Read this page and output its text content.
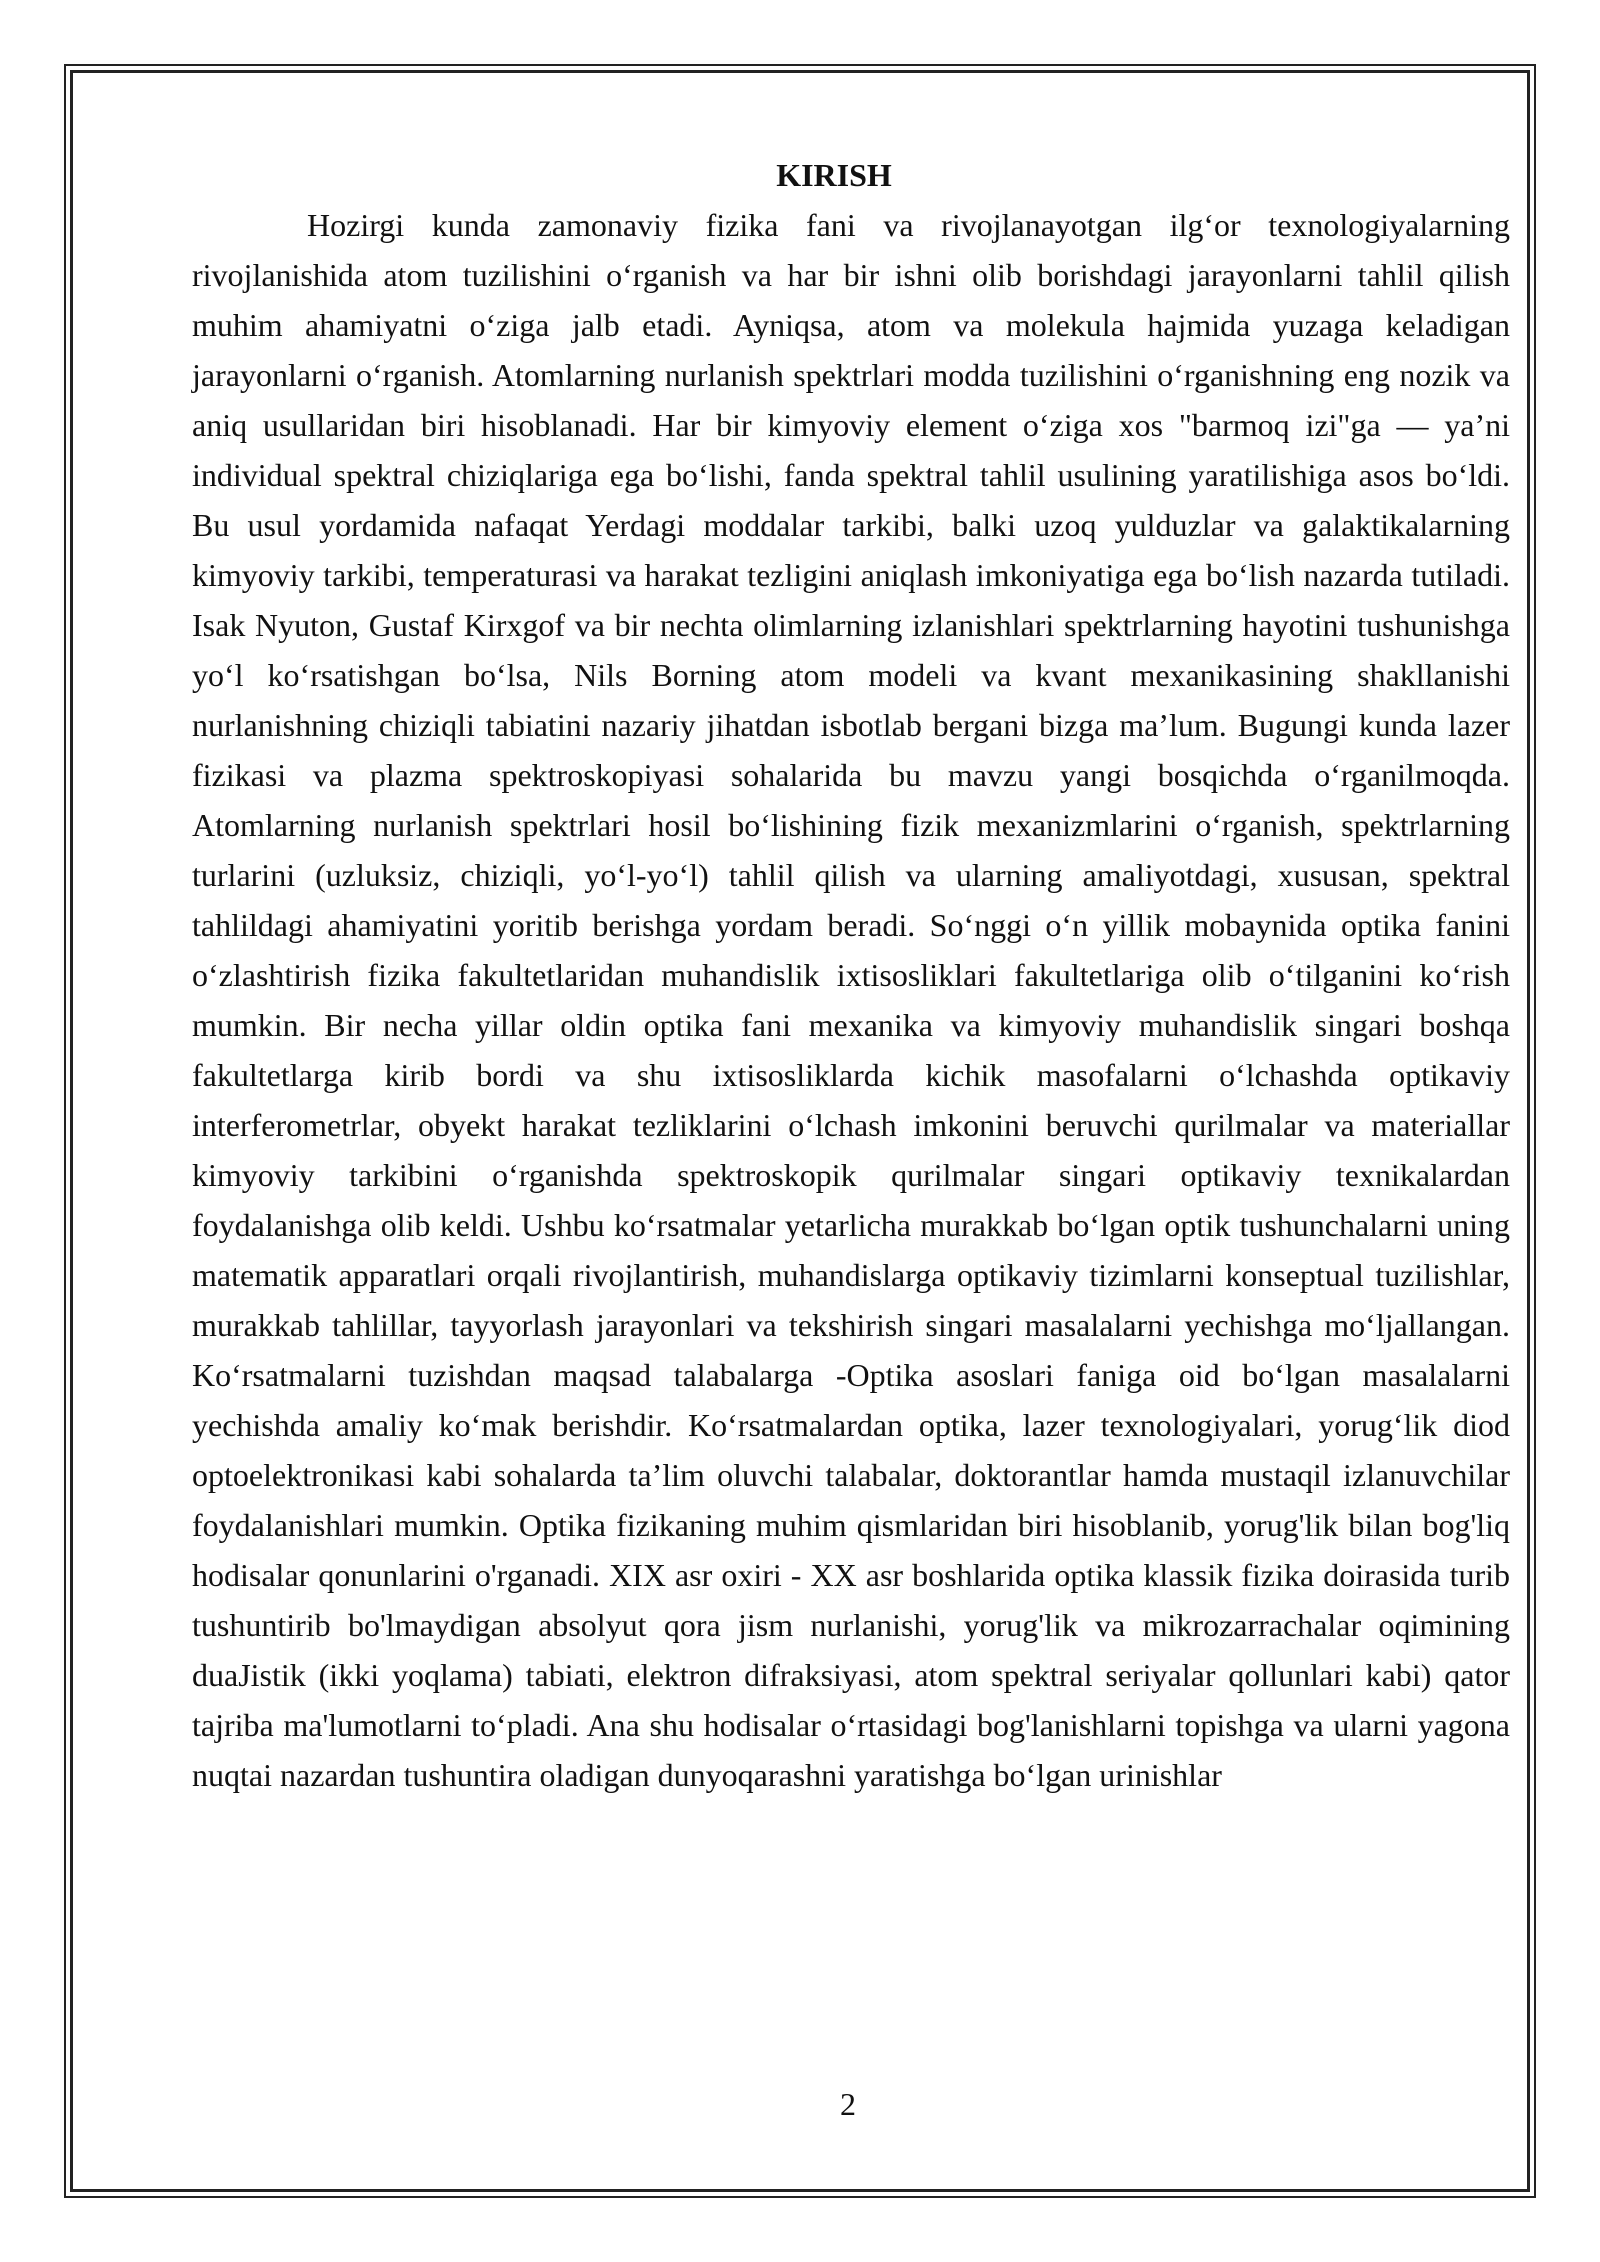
KIRISH

Hozirgi kunda zamonaviy fizika fani va rivojlanayotgan ilg‘or texnologiyalarning rivojlanishida atom tuzilishini o‘rganish va har bir ishni olib borishdagi jarayonlarni tahlil qilish muhim ahamiyatni o‘ziga jalb etadi. Ayniqsa, atom va molekula hajmida yuzaga keladigan jarayonlarni o‘rganish. Atomlarning nurlanish spektrlari modda tuzilishini o‘rganishning eng nozik va aniq usullaridan biri hisoblanadi. Har bir kimyoviy element o‘ziga xos "barmoq izi"ga — ya’ni individual spektral chiziqlariga ega bo‘lishi, fanda spektral tahlil usulining yaratilishiga asos bo‘ldi. Bu usul yordamida nafaqat Yerdagi moddalar tarkibi, balki uzoq yulduzlar va galaktikalarning kimyoviy tarkibi, temperaturasi va harakat tezligini aniqlash imkoniyatiga ega bo‘lish nazarda tutiladi. Isak Nyuton, Gustaf Kirxgof va bir nechta olimlarning izlanishlari spektrlarning hayotini tushunishga yo‘l ko‘rsatishgan bo‘lsa, Nils Borning atom modeli va kvant mexanikasining shakllanishi nurlanishning chiziqli tabiatini nazariy jihatdan isbotlab bergani bizga ma’lum. Bugungi kunda lazer fizikasi va plazma spektroskopiyasi sohalarida bu mavzu yangi bosqichda o‘rganilmoqda. Atomlarning nurlanish spektrlari hosil bo‘lishining fizik mexanizmlarini o‘rganish, spektrlarning turlarini (uzluksiz, chiziqli, yo‘l-yo‘l) tahlil qilish va ularning amaliyotdagi, xususan, spektral tahlildagi ahamiyatini yoritib berishga yordam beradi. So‘nggi o‘n yillik mobaynida optika fanini o‘zlashtirish fizika fakultetlaridan muhandislik ixtisosliklari fakultetlariga olib o‘tilganini ko‘rish mumkin. Bir necha yillar oldin optika fani mexanika va kimyoviy muhandislik singari boshqa fakultetlarga kirib bordi va shu ixtisosliklarda kichik masofalarni o‘lchashda optikaviy interferometrlar, obyekt harakat tezliklarini o‘lchash imkonini beruvchi qurilmalar va materiallar kimyoviy tarkibini o‘rganishda spektroskopik qurilmalar singari optikaviy texnikalardan foydalanishga olib keldi. Ushbu ko‘rsatmalar yetarlicha murakkab bo‘lgan optik tushunchalarni uning matematik apparatlari orqali rivojlantirish, muhandislarga optikaviy tizimlarni konseptual tuzilishlar, murakkab tahlillar, tayyorlash jarayonlari va tekshirish singari masalalarni yechishga mo‘ljallangan. Ko‘rsatmalarni tuzishdan maqsad talabalarga -Optika asoslari faniga oid bo‘lgan masalalarni yechishda amaliy ko‘mak berishdir. Ko‘rsatmalardan optika, lazer texnologiyalari, yorug‘lik diod optoelektronikasi kabi sohalarda ta’lim oluvchi talabalar, doktorantlar hamda mustaqil izlanuvchilar foydalanishlari mumkin. Optika fizikaning muhim qismlaridan biri hisoblanib, yorug'lik bilan bog'liq hodisalar qonunlarini o'rganadi. XIX asr oxiri - XX asr boshlarida optika klassik fizika doirasida turib tushuntirib bo'lmaydigan absolyut qora jism nurlanishi, yorug'lik va mikrozarrachalar oqimining duaJistik (ikki yoqlama) tabiati, elektron difraksiyasi, atom spektral seriyalar qollunlari kabi) qator tajriba ma'lumotlarni to‘pladi. Ana shu hodisalar o‘rtasidagi bog'lanishlarni topishga va ularni yagona nuqtai nazardan tushuntira oladigan dunyoqarashni yaratishga bo‘lgan urinishlar

2
